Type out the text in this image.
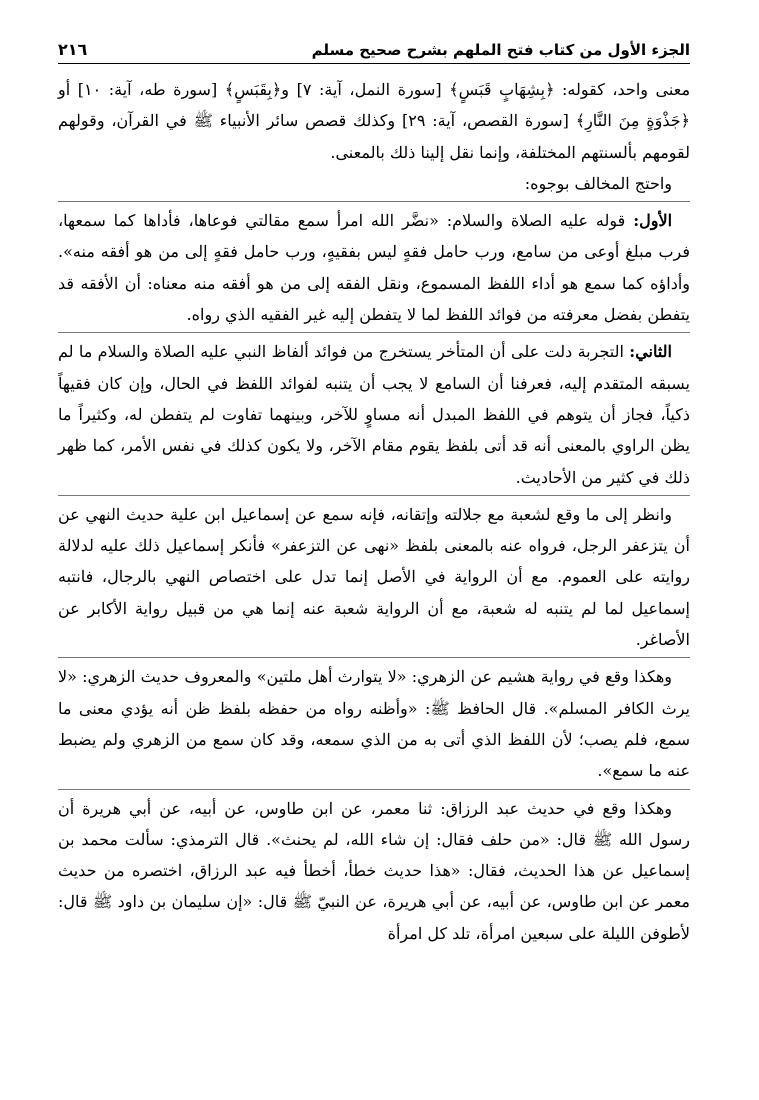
الجزء الأول من كتاب فتح الملهم بشرح صحيح مسلم
٢١٦

معنى واحد، كقوله: ﴿بِشِهَابٍ قَبَسٍ﴾ [سورة النمل، آية: ٧] و﴿بِقَبَسٍ﴾ [سورة طه، آية: ١٠] أو ﴿جَذْوَةٍ مِنَ النَّارِ﴾ [سورة القصص، آية: ٢٩] وكذلك قصص سائر الأنبياء ﷺ في القرآن، وقولهم لقومهم بألسنتهم المختلفة، وإنما نقل إلينا ذلك بالمعنى.

واحتج المخالف بوجوه:

الأول: قوله عليه الصلاة والسلام: «نضَّر الله امرأ سمع مقالتي فوعاها، فأداها كما سمعها، فرب مبلغ أوعى من سامع، ورب حامل فقهٍ ليس بفقيهٍ، ورب حامل فقهٍ إلى من هو أفقه منه». وأداؤه كما سمع هو أداء اللفظ المسموع، ونقل الفقه إلى من هو أفقه منه معناه: أن الأفقه قد يتفطن بفضل معرفته من فوائد اللفظ لما لا يتفطن إليه غير الفقيه الذي رواه.

الثاني: التجربة دلت على أن المتأخر يستخرج من فوائد ألفاظ النبي عليه الصلاة والسلام ما لم يسبقه المتقدم إليه، فعرفنا أن السامع لا يجب أن يتنبه لفوائد اللفظ في الحال، وإن كان فقيهاً ذكياً، فجاز أن يتوهم في اللفظ المبدل أنه مساوٍ للآخر، وبينهما تفاوت لم يتفطن له، وكثيراً ما يظن الراوي بالمعنى أنه قد أتى بلفظ يقوم مقام الآخر، ولا يكون كذلك في نفس الأمر، كما ظهر ذلك في كثير من الأحاديث.

وانظر إلى ما وقع لشعبة مع جلالته وإتقانه، فإنه سمع عن إسماعيل ابن علية حديث النهي عن أن يتزعفر الرجل، فرواه عنه بالمعنى بلفظ «نهى عن التزعفر» فأنكر إسماعيل ذلك عليه لدلالة روايته على العموم. مع أن الرواية في الأصل إنما تدل على اختصاص النهي بالرجال، فانتبه إسماعيل لما لم يتنبه له شعبة، مع أن الرواية شعبة عنه إنما هي من قبيل رواية الأكابر عن الأصاغر.

وهكذا وقع في رواية هشيم عن الزهري: «لا يتوارث أهل ملتين» والمعروف حديث الزهري: «لا يرث الكافر المسلم». قال الحافظ ﷺ: «وأظنه رواه من حفظه بلفظ ظن أنه يؤدي معنى ما سمع، فلم يصب؛ لأن اللفظ الذي أتى به من الذي سمعه، وقد كان سمع من الزهري ولم يضبط عنه ما سمع».

وهكذا وقع في حديث عبد الرزاق: ثنا معمر، عن ابن طاوس، عن أبيه، عن أبي هريرة أن رسول الله ﷺ قال: «من حلف فقال: إن شاء الله، لم يحنث». قال الترمذي: سألت محمد بن إسماعيل عن هذا الحديث، فقال: «هذا حديث خطأ، أخطأ فيه عبد الرزاق، اختصره من حديث معمر عن ابن طاوس، عن أبيه، عن أبي هريرة، عن النبيّ ﷺ قال: «إن سليمان بن داود ﷺ قال: لأطوفن الليلة على سبعين امرأة، تلد كل امرأة
